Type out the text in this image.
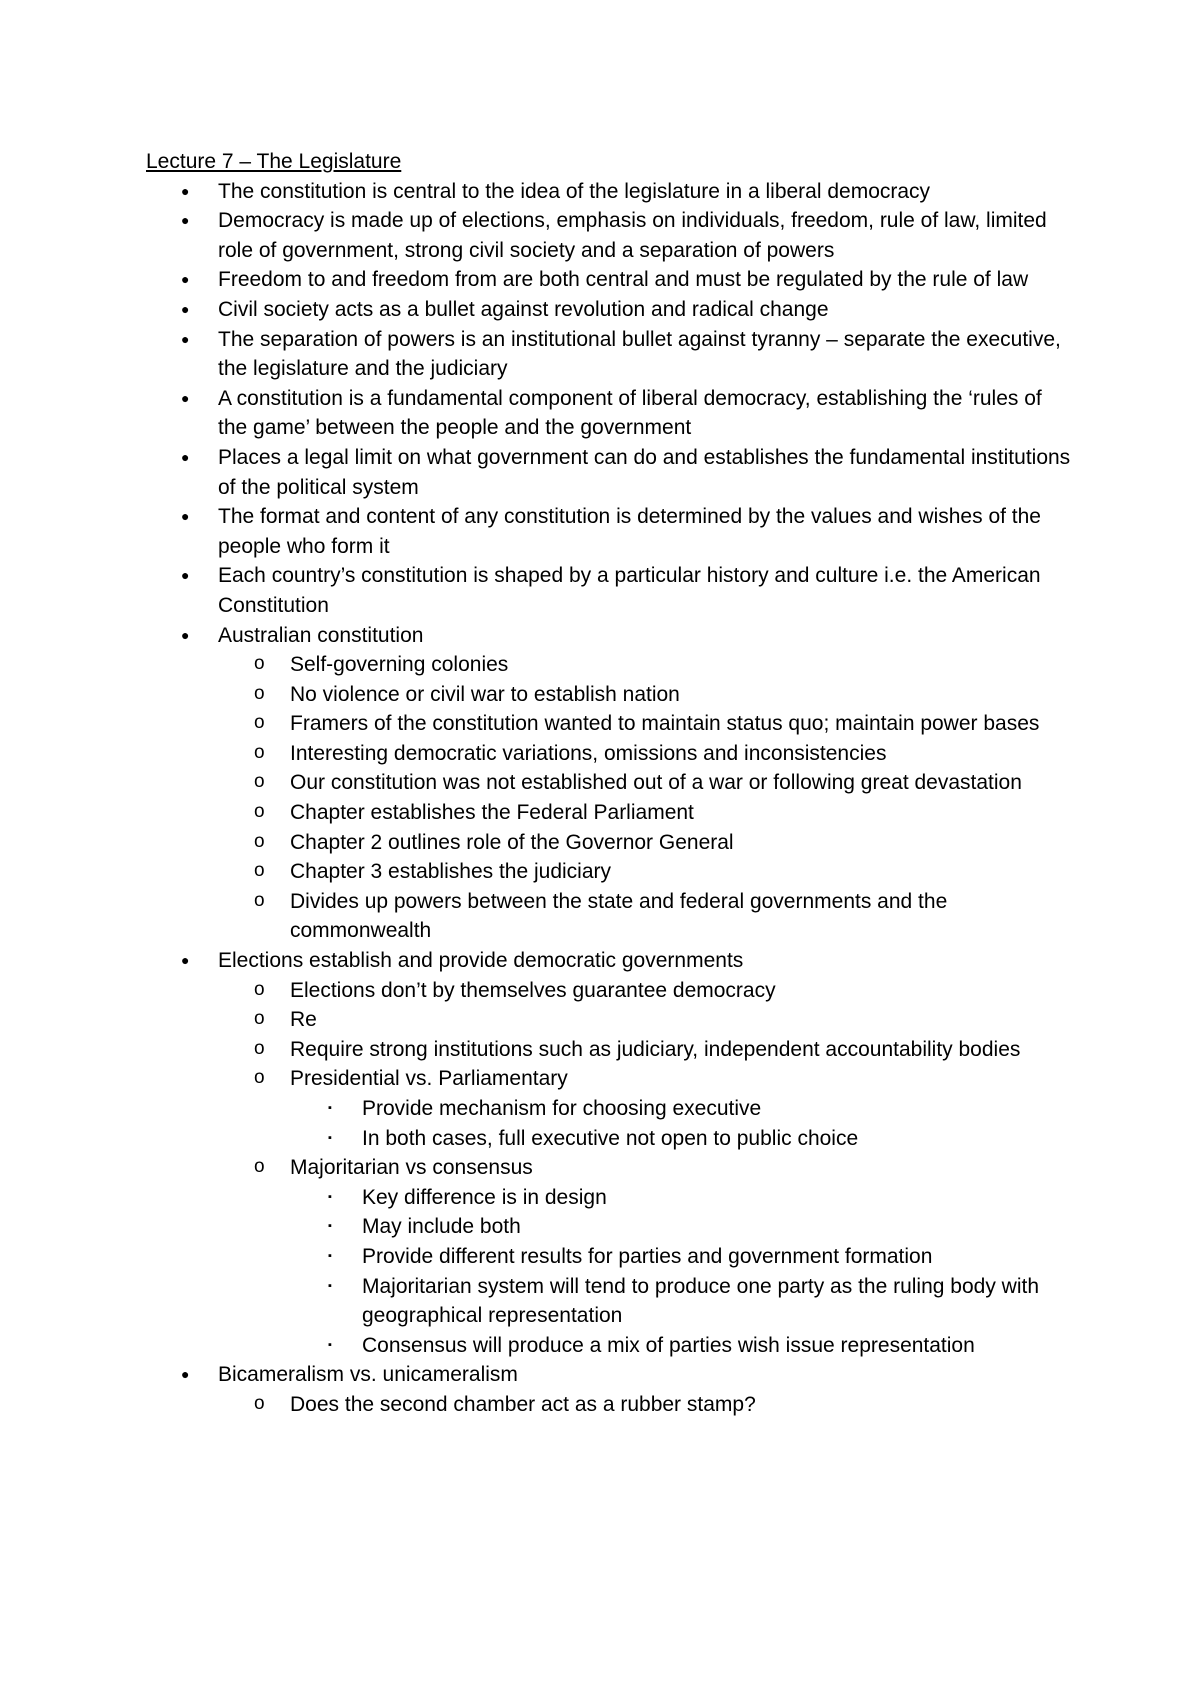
Lecture 7 – The Legislature
● The constitution is central to the idea of the legislature in a liberal democracy
● Democracy is made up of elections, emphasis on individuals, freedom, rule of law, limited role of government, strong civil society and a separation of powers
● Freedom to and freedom from are both central and must be regulated by the rule of law
● Civil society acts as a bullet against revolution and radical change
● The separation of powers is an institutional bullet against tyranny – separate the executive, the legislature and the judiciary
● A constitution is a fundamental component of liberal democracy, establishing the ‘rules of the game’ between the people and the government
● Places a legal limit on what government can do and establishes the fundamental institutions of the political system
● The format and content of any constitution is determined by the values and wishes of the people who form it
● Each country’s constitution is shaped by a particular history and culture i.e. the American Constitution
● Australian constitution
o Self-governing colonies
o No violence or civil war to establish nation
o Framers of the constitution wanted to maintain status quo; maintain power bases
o Interesting democratic variations, omissions and inconsistencies
o Our constitution was not established out of a war or following great devastation
o Chapter establishes the Federal Parliament
o Chapter 2 outlines role of the Governor General
o Chapter 3 establishes the judiciary
o Divides up powers between the state and federal governments and the commonwealth
● Elections establish and provide democratic governments
o Elections don’t by themselves guarantee democracy
o Re
o Require strong institutions such as judiciary, independent accountability bodies
o Presidential vs. Parliamentary
▪ Provide mechanism for choosing executive
▪ In both cases, full executive not open to public choice
o Majoritarian vs consensus
▪ Key difference is in design
▪ May include both
▪ Provide different results for parties and government formation
▪ Majoritarian system will tend to produce one party as the ruling body with geographical representation
▪ Consensus will produce a mix of parties wish issue representation
● Bicameralism vs. unicameralism
o Does the second chamber act as a rubber stamp?
